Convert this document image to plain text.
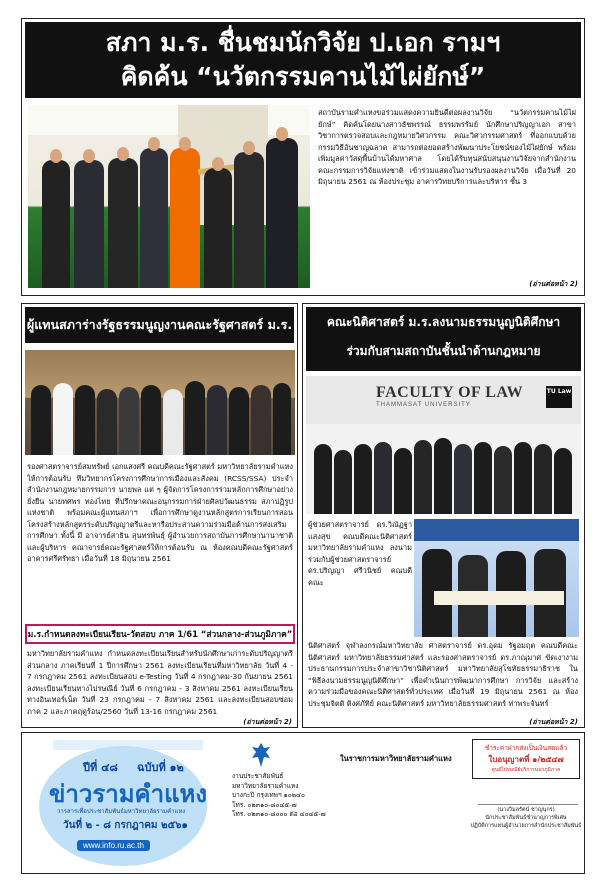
สภา ม.ร. ชื่นชมนักวิจัย ป.เอก รามฯ
คิดค้น “นวัตกรรมคานไม้ไผ่ยักษ์”
สถาบันรามคำแหงขอร่วมแสดงความยินดีต่อผลงานวิจัย “นวัตกรรมคานไม้ไผ่ยักษ์” คิดค้นโดยนางสาวธัชพรรณ์ ธรรมพรรัมย์ นักศึกษาปริญญาเอก สาขาวิชาการตรวจสอบและกฎหมายวิศวกรรม คณะวิศวกรรมศาสตร์ ที่ออกแบบด้วยกรรมวิธีอันชาญฉลาด สามารถต่อยอดสร้างพัฒนาประโยชน์ของไม้ไผ่ยักษ์ พร้อมเพิ่มมูลค่าวัสดุพื้นบ้านได้มหาศาล โดยได้รับทุนสนับสนุนงานวิจัยจากสำนักงานคณะกรรมการวิจัยแห่งชาติ เข้าร่วมแสดงในงานรับรองผลงานวิจัย เมื่อวันที่ 20 มิถุนายน 2561 ณ ห้องประชุม อาคารวิทยบริการและบริหาร ชั้น 3
(อ่านต่อหน้า 2)
ผู้แทนสภาร่างรัฐธรรมนูญงานคณะรัฐศาสตร์ ม.ร.
รองศาสตราจารย์สมทรัพย์ เอกแสงศรี คณบดีคณะรัฐศาสตร์ มหาวิทยาลัยรามคำแหง ให้การต้อนรับ ทีมวิทยากรโครงการศึกษาการเมืองและสังคม (RCSS/SSA) ประจำสำนักงานกฎหมายกรรมการ นายพล แต่ ๆ ผู้จัดการโครงการร่วมหลักการศึกษาอย่างยั่งยืน นายทศพร ทองไทย ที่ปรึกษาคณะอนุกรรมการฝ่ายศิลปวัฒนธรรม สภาปฏิรูปแห่งชาติ พร้อมคณะผู้แทนสภาฯ เพื่อการศึกษาดูงานหลักสูตรการเรียนการสอน โครงสร้างหลักสูตรระดับปริญญาตรีและหารือประสานความร่วมมือด้านการส่งเสริมการศึกษา ทั้งนี้ มี อาจารย์สาธิน สุนทรพันธุ์ ผู้อำนวยการสถาบันการศึกษานานาชาติ และผู้บริหาร คณาจารย์คณะรัฐศาสตร์ให้การต้อนรับ ณ ห้องคณบดีคณะรัฐศาสตร์ อาคารศรีศรัทธา เมื่อวันที่ 18 มิถุนายน 2561
ม.ร.กำหนดลงทะเบียนเรียน-วัดสอบ ภาค 1/61 “ส่วนกลาง-ส่วนภูมิภาค”
มหาวิทยาลัยรามคำแหง กำหนดลงทะเบียนเรียนสำหรับนักศึกษาเก่าระดับปริญญาตรี ส่วนกลาง ภาคเรียนที่ 1 ปีการศึกษา 2561 ลงทะเบียนเรียนที่มหาวิทยาลัย วันที่ 4 - 7 กรกฎาคม 2561 ลงทะเบียนสอบ e-Testing วันที่ 4 กรกฎาคม-30 กันยายน 2561 ลงทะเบียนเรียนทางไปรษณีย์ วันที่ 6 กรกฎาคม - 3 สิงหาคม 2561 ลงทะเบียนเรียนทางอินเทอร์เน็ต วันที่ 23 กรกฎาคม - 7 สิงหาคม 2561 และลงทะเบียนสอบซ่อม ภาค 2 และภาคฤดูร้อน/2560 วันที่ 13-16 กรกฎาคม 2561
(อ่านต่อหน้า 2)
คณะนิติศาสตร์ ม.ร.ลงนามธรรมนูญนิติศึกษา
ร่วมกับสามสถาบันชั้นนำด้านกฎหมาย
FACULTY OF LAW
THAMMASAT UNIVERSITY
TU Law
ผู้ช่วยศาสตราจารย์ ดร.วิณัฏฐา แสงสุข คณบดีคณะนิติศาสตร์ มหาวิทยาลัยรามคำแหง ลงนามร่วมกับผู้ช่วยศาสตราจารย์ ดร.ปริญญา ศรีวนิชย์ คณบดีคณะ
นิติศาสตร์ จุฬาลงกรณ์มหาวิทยาลัย ศาสตราจารย์ ดร.อุดม รัฐอมฤต คณบดีคณะนิติศาสตร์ มหาวิทยาลัยธรรมศาสตร์ และรองศาสตราจารย์ ดร.ภาณุมาศ ขัดเงางาม ประธานกรรมการประจำสาขาวิชานิติศาสตร์ มหาวิทยาลัยสุโขทัยธรรมาธิราช ใน “พิธีลงนามธรรมนูญนิติศึกษา” เพื่อดำเนินการพัฒนาการศึกษา การวิจัย และสร้างความร่วมมือของคณะนิติศาสตร์ทั่วประเทศ เมื่อวันที่ 19 มิถุนายน 2561 ณ ห้องประชุมจิตติ ติงศภัทิย์ คณะนิติศาสตร์ มหาวิทยาลัยธรรมศาสตร์ ท่าพระจันทร์
(อ่านต่อหน้า 2)
ปีที่ ๔๘ ฉบับที่ ๑๒
ข่าวรามคำแหง
วารสารเพื่อประชาสัมพันธ์มหาวิทยาลัยรามคำแหง
วันที่ ๒ - ๘ กรกฎาคม ๒๕๖๑
www.info.ru.ac.th
งานประชาสัมพันธ์
มหาวิทยาลัยรามคำแหง
บางกะปิ กรุงเทพฯ ๑๐๒๔๐
โทร. ๐๒๓๑๐-๘๐๔๕-๗
โทร. ๐๒๓๑๐-๘๐๐๐ ต่อ ๔๐๔๕-๗
ในราชการมหาวิทยาลัยรามคำแหง
ชำระค่าฝากส่งเป็นเงินสดแล้ว
ใบอนุญาตที่ ๑/๒๕๔๗
ศูนย์ไปรษณีย์บริการนอกภูมิภาค
(นางวิมลรัตน์ ชาญนุกร)
นักประชาสัมพันธ์ชำนาญการพิเศษ
ปฏิบัติการแทนผู้อำนวยการสำนักประชาสัมพันธ์
